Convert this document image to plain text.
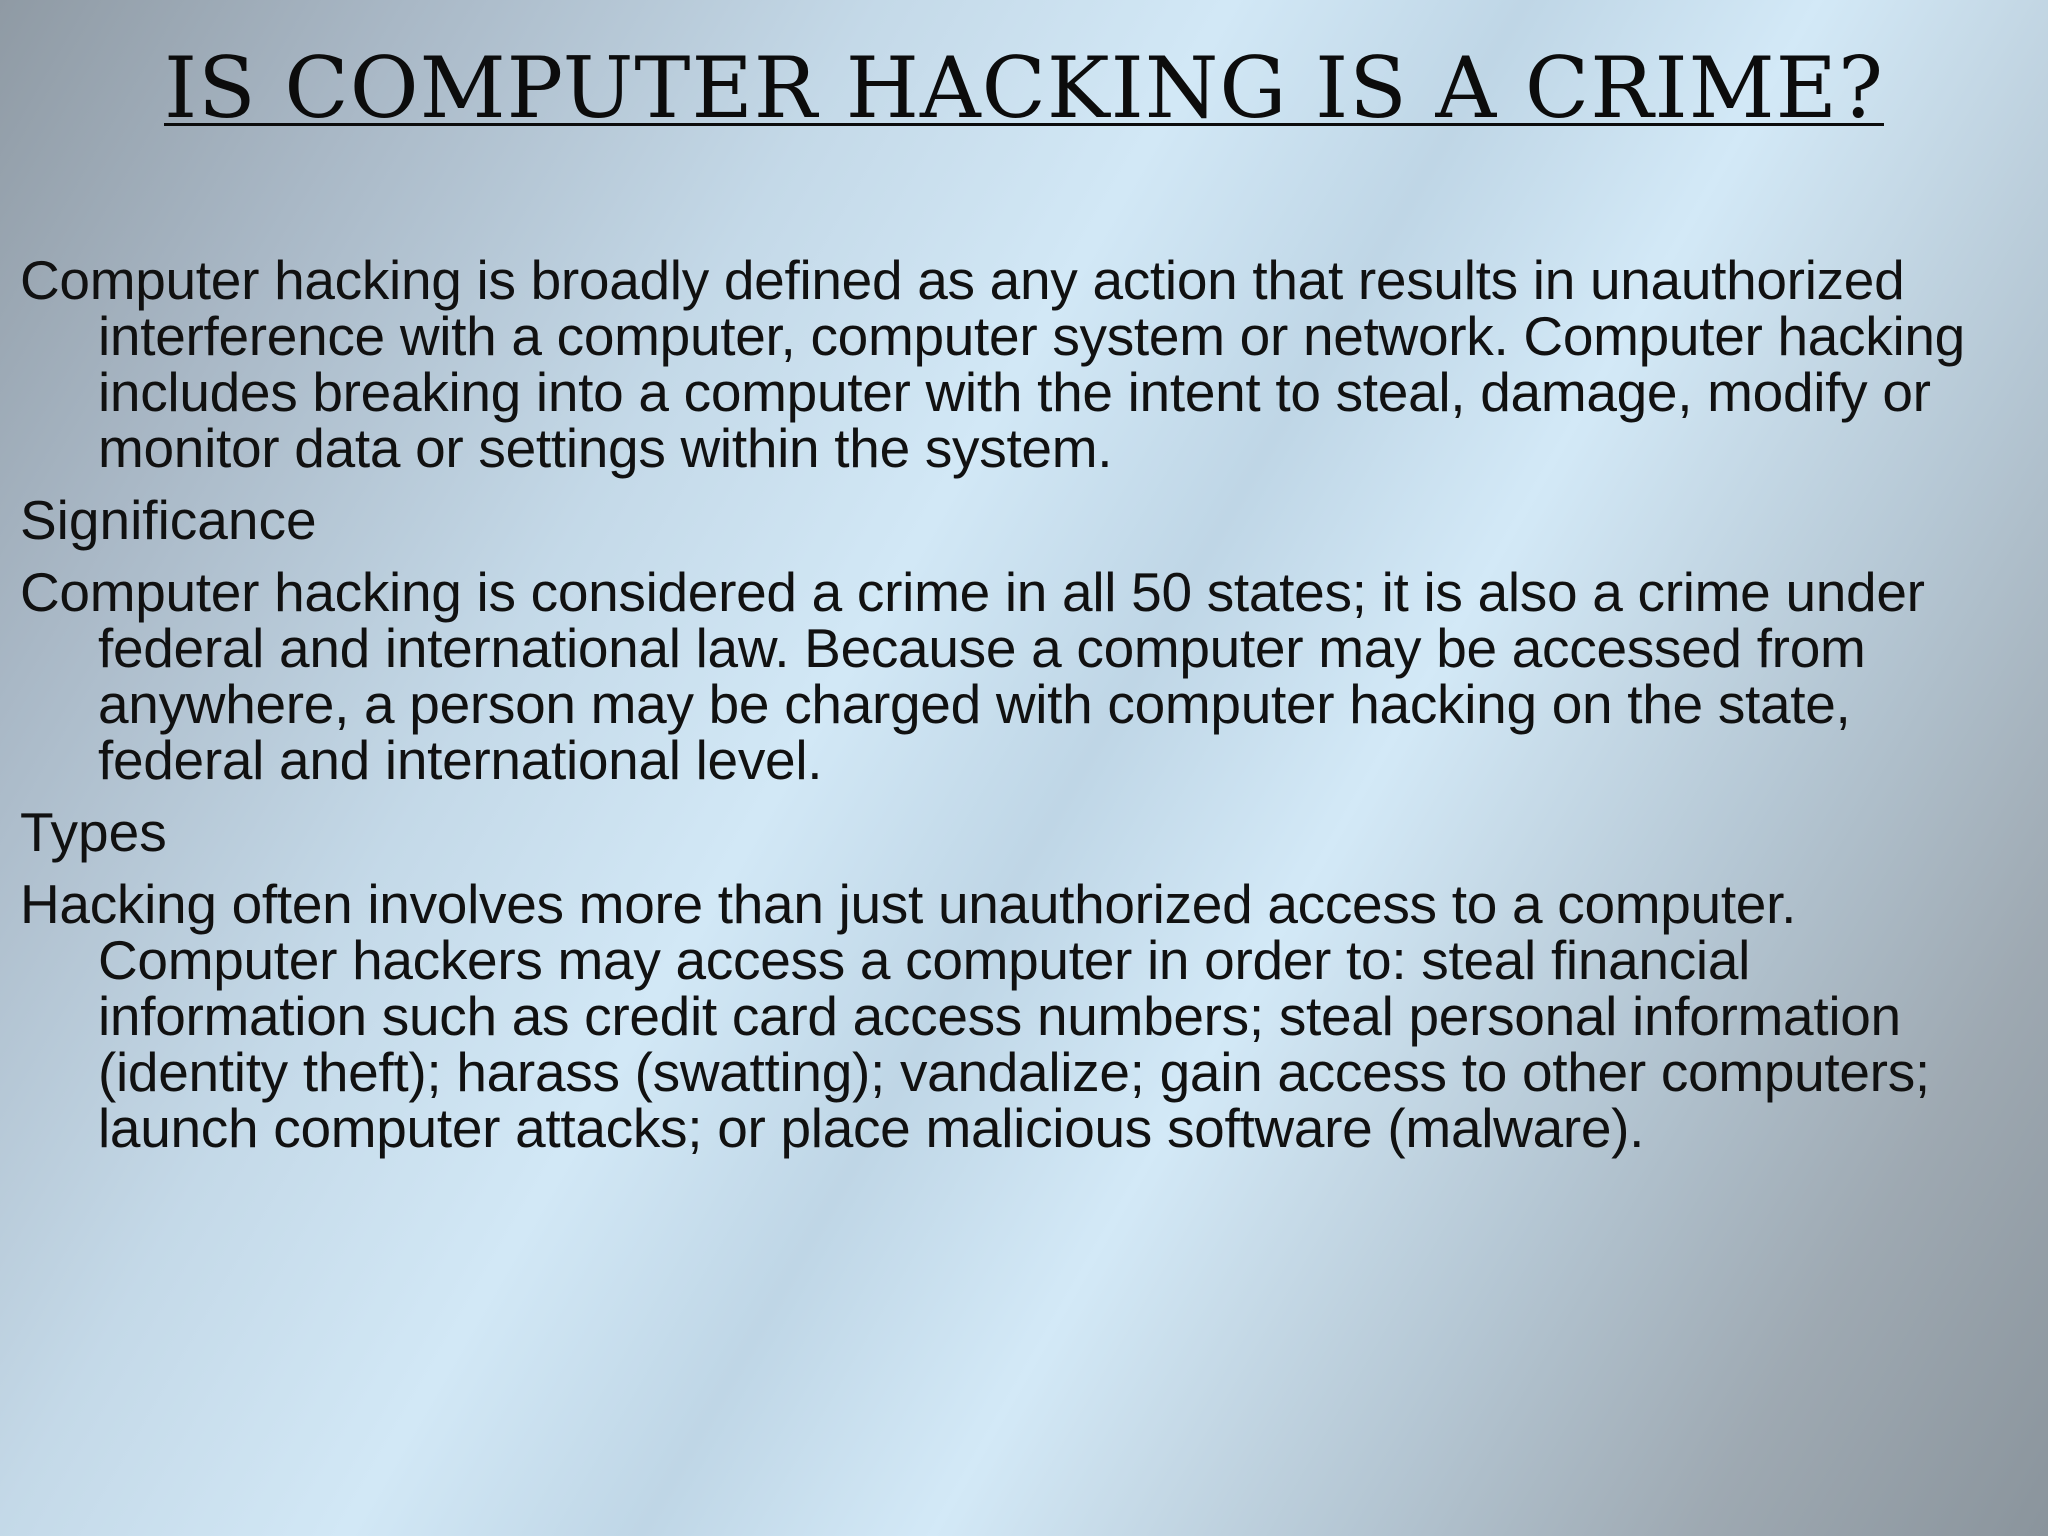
IS COMPUTER HACKING IS A CRIME?

Computer hacking is broadly defined as any action that results in unauthorized interference with a computer, computer system or network. Computer hacking includes breaking into a computer with the intent to steal, damage, modify or monitor data or settings within the system.

Significance

Computer hacking is considered a crime in all 50 states; it is also a crime under federal and international law. Because a computer may be accessed from anywhere, a person may be charged with computer hacking on the state, federal and international level.

Types

Hacking often involves more than just unauthorized access to a computer. Computer hackers may access a computer in order to: steal financial information such as credit card access numbers; steal personal information (identity theft); harass (swatting); vandalize; gain access to other computers; launch computer attacks; or place malicious software (malware).
